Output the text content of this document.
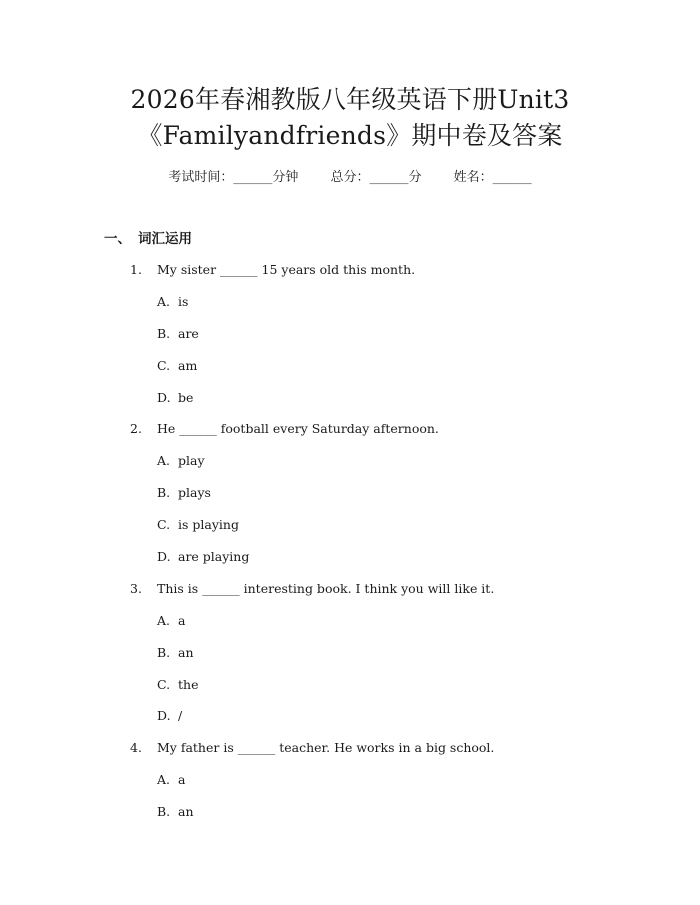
2026年春湘教版八年级英语下册Unit3
《Familyandfriends》期中卷及答案
考试时间：______分钟 总分：______分 姓名：______
一、 词汇运用
1. My sister ______ 15 years old this month.
A. is
B. are
C. am
D. be
2. He ______ football every Saturday afternoon.
A. play
B. plays
C. is playing
D. are playing
3. This is ______ interesting book. I think you will like it.
A. a
B. an
C. the
D. /
4. My father is ______ teacher. He works in a big school.
A. a
B. an
